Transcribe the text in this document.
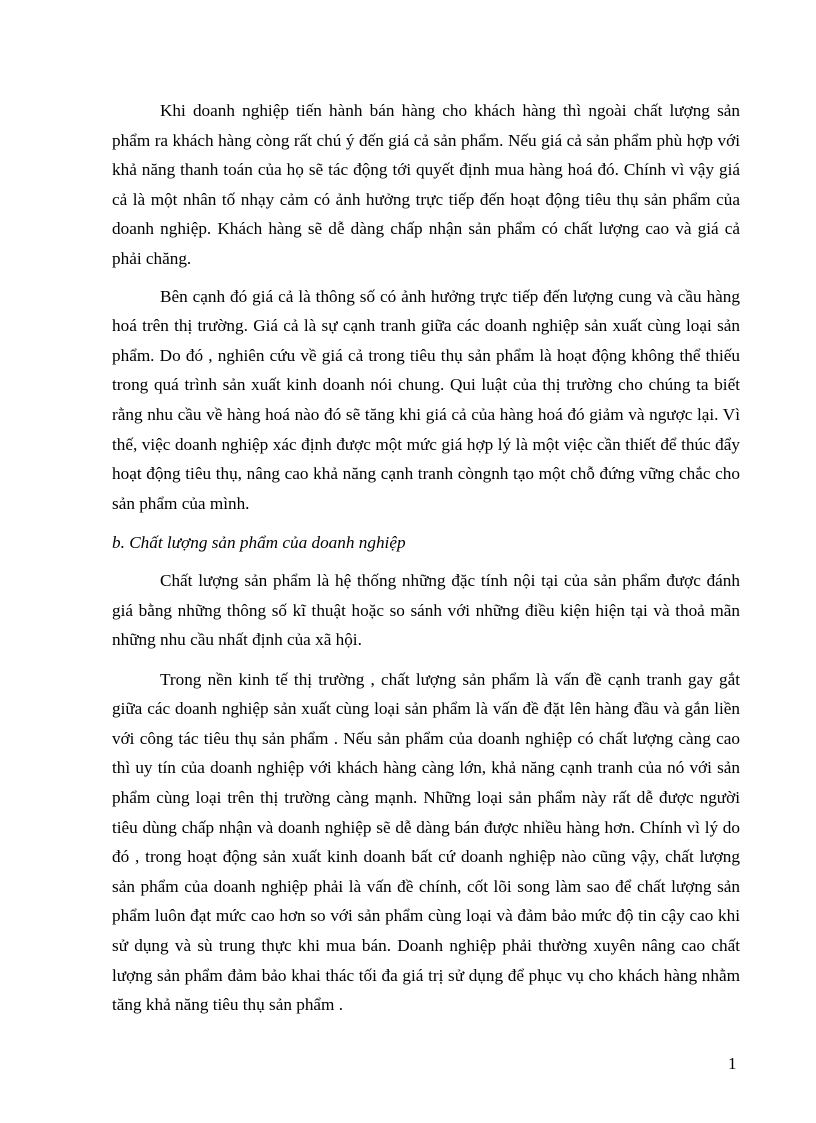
Khi doanh nghiệp tiến hành bán hàng cho khách hàng thì ngoài chất lượng sản phẩm ra khách hàng còng rất chú ý đến giá cả sản phẩm. Nếu giá cả sản phẩm phù hợp với khả năng thanh toán của họ sẽ tác động tới quyết định mua hàng hoá đó. Chính vì vậy giá cả là một nhân tố nhạy cảm có ảnh hưởng trực tiếp đến hoạt động tiêu thụ sản phẩm của doanh nghiệp. Khách hàng sẽ dễ dàng chấp nhận sản phẩm có chất lượng cao và giá cả phải chăng.

Bên cạnh đó giá cả là thông số có ảnh hưởng trực tiếp đến lượng cung và cầu hàng hoá trên thị trường. Giá cả là sự cạnh tranh giữa các doanh nghiệp sản xuất cùng loại sản phẩm. Do đó , nghiên cứu về giá cả trong tiêu thụ sản phẩm là hoạt động không thể thiếu trong quá trình sản xuất kinh doanh nói chung. Qui luật của thị trường cho chúng ta biết rằng nhu cầu về hàng hoá nào đó sẽ tăng khi giá cả của hàng hoá đó giảm và ngược lại. Vì thế, việc doanh nghiệp xác định được một mức giá hợp lý là một việc cần thiết để thúc đẩy hoạt động tiêu thụ, nâng cao khả năng cạnh tranh còngnh tạo một chỗ đứng vững chắc cho sản phẩm của mình.

b. Chất lượng sản phẩm của doanh nghiệp

Chất lượng sản phẩm là hệ thống những đặc tính nội tại của sản phẩm được đánh giá bằng những thông số kĩ thuật hoặc so sánh với những điều kiện hiện tại và thoả mãn những nhu cầu nhất định của xã hội.

Trong nền kinh tế thị trường , chất lượng sản phẩm là vấn đề cạnh tranh gay gắt giữa các doanh nghiệp sản xuất cùng loại sản phẩm là vấn đề đặt lên hàng đầu và gắn liền với công tác tiêu thụ sản phẩm . Nếu sản phẩm của doanh nghiệp có chất lượng càng cao thì uy tín của doanh nghiệp với khách hàng càng lớn, khả năng cạnh tranh của nó với sản phẩm cùng loại trên thị trường càng mạnh. Những loại sản phẩm này rất dễ được người tiêu dùng chấp nhận và doanh nghiệp sẽ dễ dàng bán được nhiều hàng hơn. Chính vì lý do đó , trong hoạt động sản xuất kinh doanh bất cứ doanh nghiệp nào cũng vậy, chất lượng sản phẩm của doanh nghiệp phải là vấn đề chính, cốt lõi song làm sao để chất lượng sản phẩm luôn đạt mức cao hơn so với sản phẩm cùng loại và đảm bảo mức độ tin cậy cao khi sử dụng và sù trung thực khi mua bán. Doanh nghiệp phải thường xuyên nâng cao chất lượng sản phẩm đảm bảo khai thác tối đa giá trị sử dụng để phục vụ cho khách hàng nhằm tăng khả năng tiêu thụ sản phẩm .

1
